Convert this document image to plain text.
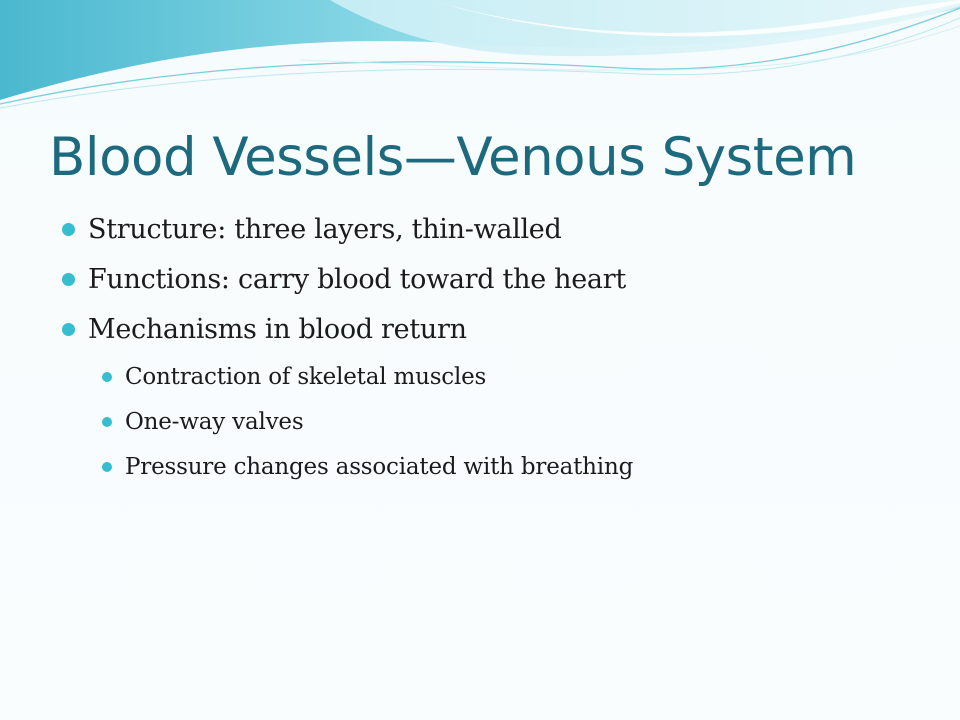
Blood Vessels—Venous System
Structure: three layers, thin-walled
Functions: carry blood toward the heart
Mechanisms in blood return
Contraction of skeletal muscles
One-way valves
Pressure changes associated with breathing
